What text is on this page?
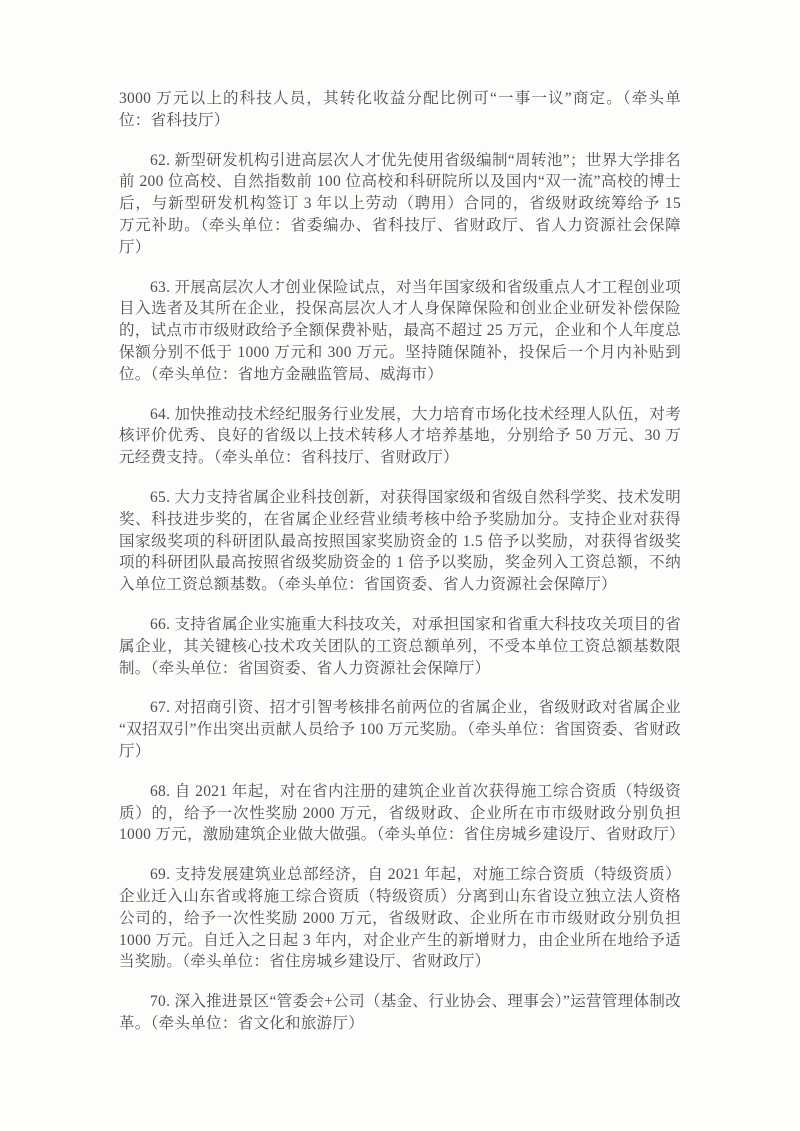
3000 万元以上的科技人员，其转化收益分配比例可“一事一议”商定。（牵头单位：省科技厅）

62. 新型研发机构引进高层次人才优先使用省级编制“周转池”；世界大学排名前 200 位高校、自然指数前 100 位高校和科研院所以及国内“双一流”高校的博士后，与新型研发机构签订 3 年以上劳动（聘用）合同的，省级财政统筹给予 15 万元补助。（牵头单位：省委编办、省科技厅、省财政厅、省人力资源社会保障厅）

63. 开展高层次人才创业保险试点，对当年国家级和省级重点人才工程创业项目入选者及其所在企业，投保高层次人才人身保障保险和创业企业研发补偿保险的，试点市市级财政给予全额保费补贴，最高不超过 25 万元，企业和个人年度总保额分别不低于 1000 万元和 300 万元。坚持随保随补，投保后一个月内补贴到位。（牵头单位：省地方金融监管局、威海市）

64. 加快推动技术经纪服务行业发展，大力培育市场化技术经理人队伍，对考核评价优秀、良好的省级以上技术转移人才培养基地，分别给予 50 万元、30 万元经费支持。（牵头单位：省科技厅、省财政厅）

65. 大力支持省属企业科技创新，对获得国家级和省级自然科学奖、技术发明奖、科技进步奖的，在省属企业经营业绩考核中给予奖励加分。支持企业对获得国家级奖项的科研团队最高按照国家奖励资金的 1.5 倍予以奖励，对获得省级奖项的科研团队最高按照省级奖励资金的 1 倍予以奖励，奖金列入工资总额，不纳入单位工资总额基数。（牵头单位：省国资委、省人力资源社会保障厅）

66. 支持省属企业实施重大科技攻关，对承担国家和省重大科技攻关项目的省属企业，其关键核心技术攻关团队的工资总额单列，不受本单位工资总额基数限制。（牵头单位：省国资委、省人力资源社会保障厅）

67. 对招商引资、招才引智考核排名前两位的省属企业，省级财政对省属企业“双招双引”作出突出贡献人员给予 100 万元奖励。（牵头单位：省国资委、省财政厅）

68. 自 2021 年起，对在省内注册的建筑企业首次获得施工综合资质（特级资质）的，给予一次性奖励 2000 万元，省级财政、企业所在市市级财政分别负担 1000 万元，激励建筑企业做大做强。（牵头单位：省住房城乡建设厅、省财政厅）

69. 支持发展建筑业总部经济，自 2021 年起，对施工综合资质（特级资质）企业迁入山东省或将施工综合资质（特级资质）分离到山东省设立独立法人资格公司的，给予一次性奖励 2000 万元，省级财政、企业所在市市级财政分别负担 1000 万元。自迁入之日起 3 年内，对企业产生的新增财力，由企业所在地给予适当奖励。（牵头单位：省住房城乡建设厅、省财政厅）

70. 深入推进景区“管委会+公司（基金、行业协会、理事会）”运营管理体制改革。（牵头单位：省文化和旅游厅）
